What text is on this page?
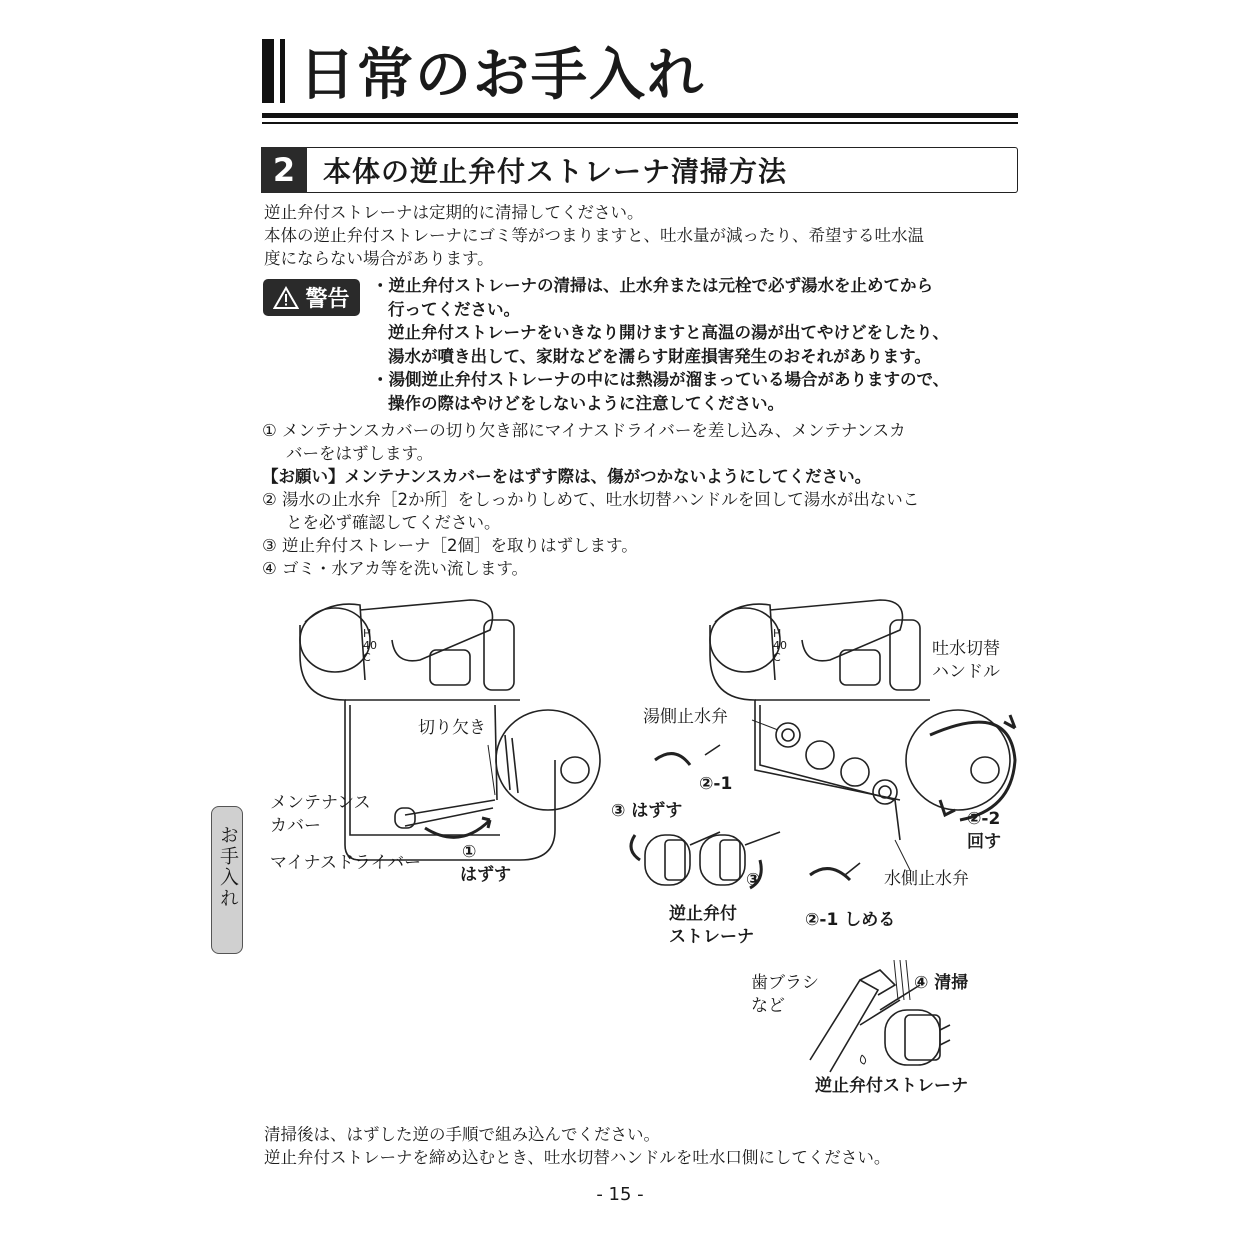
日常のお手入れ
2 本体の逆止弁付ストレーナ清掃方法
逆止弁付ストレーナは定期的に清掃してください。
本体の逆止弁付ストレーナにゴミ等がつまりますと、吐水量が減ったり、希望する吐水温
度にならない場合があります。
警告
・逆止弁付ストレーナの清掃は、止水弁または元栓で必ず湯水を止めてから
行ってください。
逆止弁付ストレーナをいきなり開けますと高温の湯が出てやけどをしたり、
湯水が噴き出して、家財などを濡らす財産損害発生のおそれがあります。
・湯側逆止弁付ストレーナの中には熱湯が溜まっている場合がありますので、
操作の際はやけどをしないように注意してください。
① メンテナンスカバーの切り欠き部にマイナスドライバーを差し込み、メンテナンスカ
バーをはずします。
【お願い】メンテナンスカバーをはずす際は、傷がつかないようにしてください。
② 湯水の止水弁［2か所］をしっかりしめて、吐水切替ハンドルを回して湯水が出ないこ
とを必ず確認してください。
③ 逆止弁付ストレーナ［2個］を取りはずします。
④ ゴミ・水アカ等を洗い流します。
お手入れ
H
40
C
H
40
C
切り欠き
メンテナンス
カバー
マイナスドライバー
①
はずす
吐水切替
ハンドル
湯側止水弁
②-1
③ はずす
③
②-2
回す
水側止水弁
逆止弁付
ストレーナ
②-1 しめる
歯ブラシ
など
④ 清掃
逆止弁付ストレーナ
清掃後は、はずした逆の手順で組み込んでください。
逆止弁付ストレーナを締め込むとき、吐水切替ハンドルを吐水口側にしてください。
- 15 -
